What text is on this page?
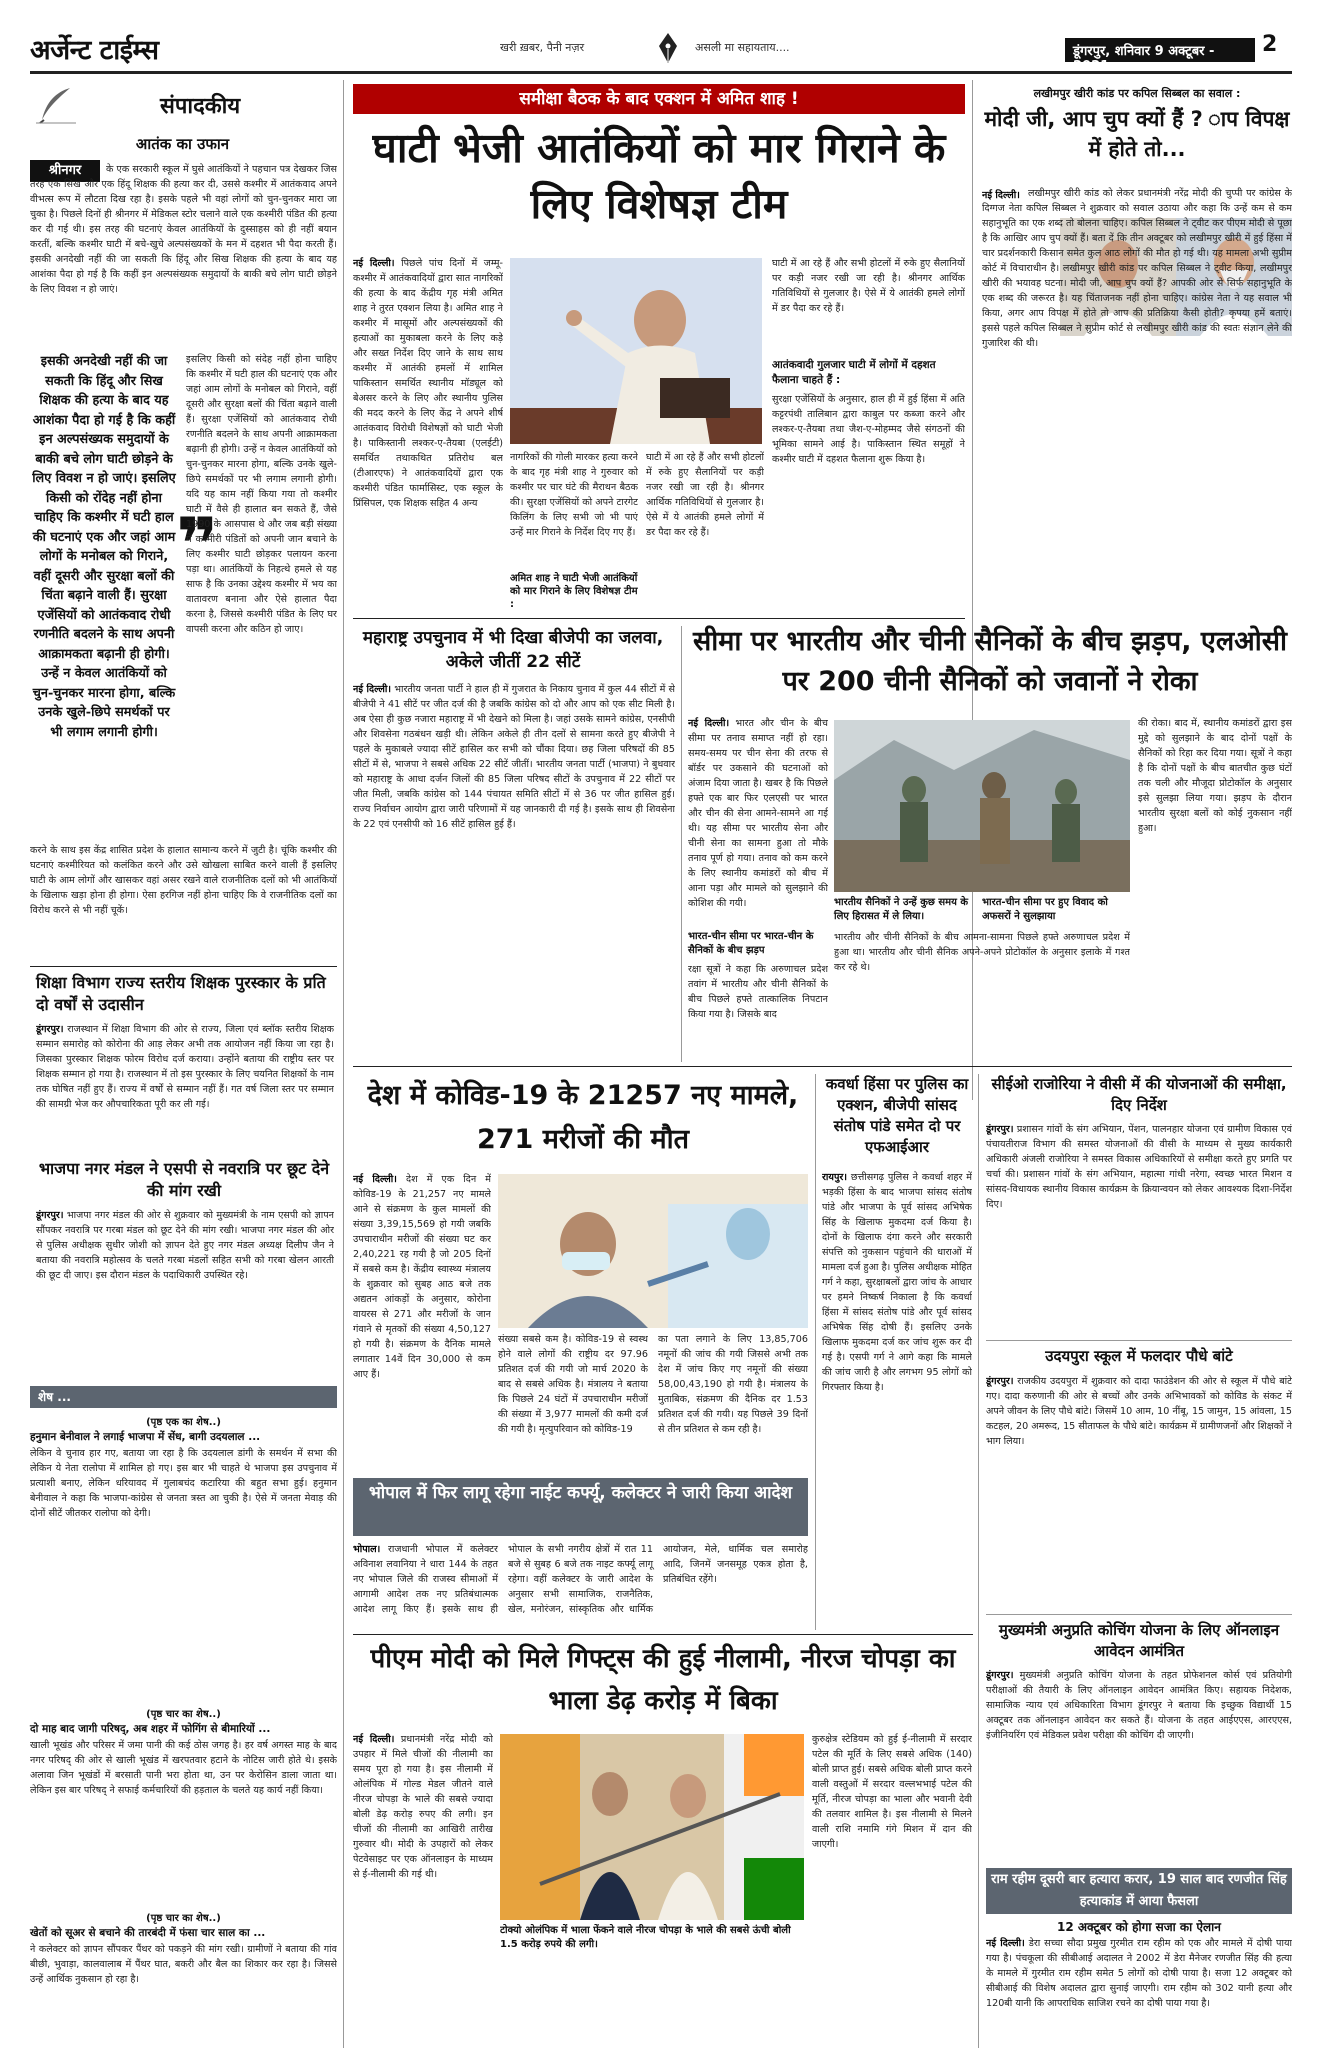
अर्जेन्ट टाईम्स	खरी ख़बर, पैनी नज़र	असली मा सहायताय....	डूंगरपुर, शनिवार 9 अक्टूबर - 2021
2
संपादकीय
आतंक का उफान
श्रीनगर	के एक सरकारी स्कूल में घुसे आतंकियों ने पहचान पत्र देखकर जिस तरह एक सिख और एक हिंदू शिक्षक की हत्या कर दी, उससे कश्मीर में आतंकवाद अपने वीभत्स रूप में लौटता दिख रहा है। इसके पहले भी वहां लोगों को चुन-चुनकर मारा जा चुका है। पिछले दिनों ही श्रीनगर में मेडिकल स्टोर चलाने वाले एक कश्मीरी पंडित की हत्या कर दी गई थी। इस तरह की घटनाएं केवल आतंकियों के दुस्साहस को ही नहीं बयान करतीं, बल्कि कश्मीर घाटी में बचे-खुचे अल्पसंख्यकों के मन में दहशत भी पैदा करती हैं। इसकी अनदेखी नहीं की जा सकती कि हिंदू और सिख शिक्षक की हत्या के बाद यह आशंका पैदा हो गई है कि कहीं इन अल्पसंख्यक समुदायों के बाकी बचे लोग घाटी छोड़ने के लिए विवश न हो जाएं।
इसकी अनदेखी नहीं की जा सकती कि हिंदू और सिख शिक्षक की हत्या के बाद यह आशंका पैदा हो गई है कि कहीं इन अल्पसंख्यक समुदायों के बाकी बचे लोग घाटी छोड़ने के लिए विवश न हो जाएं। इसलिए किसी को रोंदेह नहीं होना चाहिए कि कश्मीर में घटी हाल की घटनाएं एक और जहां आम लोगों के मनोबल को गिराने, वहीं दूसरी और सुरक्षा बलों की चिंता बढ़ाने वाली हैं। सुरक्षा एजेंसियों को आतंकवाद रोधी रणनीति बदलने के साथ अपनी आक्रामकता बढ़ानी ही होगी। उन्हें न केवल आतंकियों को चुन-चुनकर मारना होगा, बल्कि उनके खुले-छिपे समर्थकों पर भी लगाम लगानी होगी।
❞
इसलिए किसी को संदेह नहीं होना चाहिए कि कश्मीर में घटी हाल की घटनाएं एक और जहां आम लोगों के मनोबल को गिराने, वहीं दूसरी और सुरक्षा बलों की चिंता बढ़ाने वाली हैं। सुरक्षा एजेंसियों को आतंकवाद रोधी रणनीति बदलने के साथ अपनी आक्रामकता बढ़ानी ही होगी। उन्हें न केवल आतंकियों को चुन-चुनकर मारना होगा, बल्कि उनके खुले-छिपे समर्थकों पर भी लगाम लगानी होगी। यदि यह काम नहीं किया गया तो कश्मीर घाटी में वैसे ही हालात बन सकते हैं, जैसे 1990 के आसपास थे और जब बड़ी संख्या में कश्मीरी पंडितों को अपनी जान बचाने के लिए कश्मीर घाटी छोड़कर पलायन करना पड़ा था। आतंकियों के निहत्थे हमले से यह साफ है कि उनका उद्देश्य कश्मीर में भय का वातावरण बनाना और ऐसे हालात पैदा करना है, जिससे कश्मीरी पंडित के लिए घर वापसी करना और कठिन हो जाए।
करने के साथ इस केंद्र शासित प्रदेश के हालात सामान्य करने में जुटी है। चूंकि कश्मीर की घटनाएं कश्मीरियत को कलंकित करने और उसे खोखला साबित करने वाली हैं इसलिए घाटी के आम लोगों और खासकर वहां असर रखने वाले राजनीतिक दलों को भी आतंकियों के खिलाफ खड़ा होना ही होगा। ऐसा हरगिज नहीं होना चाहिए कि वे राजनीतिक दलों का विरोध करने से भी नहीं चूकें।
शिक्षा विभाग राज्य स्तरीय शिक्षक पुरस्कार के प्रति दो वर्षों से उदासीन
डूंगरपुर। राजस्थान में शिक्षा विभाग की ओर से राज्य, जिला एवं ब्लॉक स्तरीय शिक्षक सम्मान समारोह को कोरोना की आड़ लेकर अभी तक आयोजन नहीं किया जा रहा है। जिसका पुरस्कार शिक्षक फोरम विरोध दर्ज कराया। उन्होंने बताया की राष्ट्रीय स्तर पर शिक्षक सम्मान हो गया है। राजस्थान में तो इस पुरस्कार के लिए चयनित शिक्षकों के नाम तक घोषित नहीं हुए हैं। राज्य में वर्षों से सम्मान नहीं हैं। गत वर्ष जिला स्तर पर सम्मान की सामग्री भेज कर औपचारिकता पूरी कर ली गई।
भाजपा नगर मंडल ने एसपी से नवरात्रि पर छूट देने की मांग रखी
डूंगरपुर। भाजपा नगर मंडल की ओर से शुक्रवार को मुख्यमंत्री के नाम एसपी को ज्ञापन सौंपकर नवरात्रि पर गरबा मंडल को छूट देने की मांग रखी। भाजपा नगर मंडल की ओर से पुलिस अधीक्षक सुधीर जोशी को ज्ञापन देते हुए नगर मंडल अध्यक्ष दिलीप जैन ने बताया की नवरात्रि महोत्सव के चलते गरबा मंडलों सहित सभी को गरबा खेलन आरती की छूट दी जाए। इस दौरान मंडल के पदाधिकारी उपस्थित रहे।
शेष ...
(पृष्ठ एक का शेष..)
हनुमान बेनीवाल ने लगाई भाजपा में सेंध, बागी उदयलाल ...
लेकिन वे चुनाव हार गए, बताया जा रहा है कि उदयलाल डांगी के समर्थन में सभा की लेकिन ये नेता रालोपा में शामिल हो गए। इस बार भी चाहते थे भाजपा इस उपचुनाव में प्रत्याशी बनाए, लेकिन धरियावद में गुलाबचंद कटारिया की बहुत सभा हुई। हनुमान बेनीवाल ने कहा कि भाजपा-कांग्रेस से जनता त्रस्त आ चुकी है। ऐसे में जनता मेवाड़ की दोनों सीटें जीतकर रालोपा को देगी।
(पृष्ठ चार का शेष..)
दो माह बाद जागी परिषद्, अब शहर में फोगिंग से बीमारियों ...
खाली भूखंड और परिसर में जमा पानी की कई ठोस जगह है। हर वर्ष अगस्त माह के बाद नगर परिषद् की ओर से खाली भूखंड में खरपतवार हटाने के नोटिस जारी होते थे। इसके अलावा जिन भूखंडों में बरसाती पानी भरा होता था, उन पर केरोसिन डाला जाता था। लेकिन इस बार परिषद् ने सफाई कर्मचारियों की हड़ताल के चलते यह कार्य नहीं किया।
(पृष्ठ चार का शेष..)
खेतों को सूअर से बचाने की तारबंदी में फंसा चार साल का ...
ने कलेक्टर को ज्ञापन सौंपकर पैंथर को पकड़ने की मांग रखी। ग्रामीणों ने बताया की गांव बीछी, भुवाड़ा, कालवालाब में पैंथर घात, बकरी और बैल का शिकार कर रहा है। जिससे उन्हें आर्थिक नुकसान हो रहा है।
समीक्षा बैठक के बाद एक्शन में अमित शाह !
घाटी भेजी आतंकियों को मार गिराने के लिए विशेषज्ञ टीम
नई दिल्ली। पिछले पांच दिनों में जम्मू-कश्मीर में आतंकवादियों द्वारा सात नागरिकों की हत्या के बाद केंद्रीय गृह मंत्री अमित शाह ने तुरत एक्शन लिया है। अमित शाह ने कश्मीर में मासूमों और अल्पसंख्यकों की हत्याओं का मुकाबला करने के लिए कड़े और सख्त निर्देश दिए जाने के साथ साथ कश्मीर में आतंकी हमलों में शामिल पाकिस्तान समर्थित स्थानीय मॉड्यूल को बेअसर करने के लिए और स्थानीय पुलिस की मदद करने के लिए केंद्र ने अपने शीर्ष आतंकवाद विरोधी विशेषज्ञों को घाटी भेजी है। पाकिस्तानी लश्कर-ए-तैयबा (एलईटी) समर्थित तथाकथित प्रतिरोध बल (टीआरएफ) ने आतंकवादियों द्वारा एक कश्मीरी पंडित फार्मासिस्ट, एक स्कूल के प्रिंसिपल, एक शिक्षक सहित 4 अन्य
नागरिकों की गोली मारकर हत्या करने के बाद गृह मंत्री शाह ने गुरुवार को कश्मीर पर चार घंटे की मैराथन बैठक की। सुरक्षा एजेंसियों को अपने टारगेट किलिंग के लिए सभी जो भी पाएं उन्हें मार गिराने के निर्देश दिए गए हैं।
अमित शाह ने घाटी भेजी आतंकियों को मार गिराने के लिए विशेषज्ञ टीम :
घाटी में आ रहे हैं और सभी होटलों में रुके हुए सैलानियों पर कड़ी नजर रखी जा रही है। श्रीनगर आर्थिक गतिविधियों से गुलजार है। ऐसे में ये आतंकी हमले लोगों में डर पैदा कर रहे हैं।
घाटी में आ रहे हैं और सभी होटलों में रुके हुए सैलानियों पर कड़ी नजर रखी जा रही है। श्रीनगर आर्थिक गतिविधियों से गुलजार है। ऐसे में ये आतंकी हमले लोगों में डर पैदा कर रहे हैं।
आतंकवादी गुलजार घाटी में लोगों में दहशत फैलाना चाहते हैं :
सुरक्षा एजेंसियों के अनुसार, हाल ही में हुई हिंसा में अति कट्टरपंथी तालिबान द्वारा काबुल पर कब्जा करने और लश्कर-ए-तैयबा तथा जैश-ए-मोहम्मद जैसे संगठनों की भूमिका सामने आई है। पाकिस्तान स्थित समूहों ने कश्मीर घाटी में दहशत फैलाना शुरू किया है।
लखीमपुर खीरी कांड पर कपिल सिब्बल का सवाल :
मोदी जी, आप चुप क्यों हैं ? ाप विपक्ष में होते तो...
नई दिल्ली। लखीमपुर खीरी कांड को लेकर प्रधानमंत्री नरेंद्र मोदी की चुप्पी पर कांग्रेस के दिग्गज नेता कपिल सिब्बल ने शुक्रवार को सवाल उठाया और कहा कि उन्हें कम से कम सहानुभूति का एक शब्द तो बोलना चाहिए। कपिल सिब्बल ने ट्वीट कर पीएम मोदी से पूछा है कि आखिर आप चुप क्यों हैं। बता दें कि तीन अक्टूबर को लखीमपुर खीरी में हुई हिंसा में चार प्रदर्शनकारी किसान समेत कुल आठ लोगों की मौत हो गई थी। यह मामला अभी सुप्रीम कोर्ट में विचाराधीन है। लखीमपुर खीरी कांड पर कपिल सिब्बल ने ट्वीट किया, लखीमपुर खीरी की भयावह घटना। मोदी जी, आप चुप क्यों हैं? आपकी ओर से सिर्फ सहानुभूति के एक शब्द की जरूरत है। यह चिंताजनक नहीं होना चाहिए। कांग्रेस नेता ने यह सवाल भी किया, अगर आप विपक्ष में होते तो आप की प्रतिक्रिया कैसी होती? कृपया हमें बताएं। इससे पहले कपिल सिब्बल ने सुप्रीम कोर्ट से लखीमपुर खीरी कांड की स्वतः संज्ञान लेने की गुजारिश की थी।
महाराष्ट्र उपचुनाव में भी दिखा बीजेपी का जलवा, अकेले जीतीं 22 सीटें
नई दिल्ली। भारतीय जनता पार्टी ने हाल ही में गुजरात के निकाय चुनाव में कुल 44 सीटों में से बीजेपी ने 41 सीटें पर जीत दर्ज की है जबकि कांग्रेस को दो और आप को एक सीट मिली है। अब ऐसा ही कुछ नजारा महाराष्ट्र में भी देखने को मिला है। जहां उसके सामने कांग्रेस, एनसीपी और शिवसेना गठबंधन खड़ी थी। लेकिन अकेले ही तीन दलों से सामना करते हुए बीजेपी ने पहले के मुकाबले ज्यादा सीटें हासिल कर सभी को चौंका दिया। छह जिला परिषदों की 85 सीटों में से, भाजपा ने सबसे अधिक 22 सीटें जीतीं। भारतीय जनता पार्टी (भाजपा) ने बुधवार को महाराष्ट्र के आधा दर्जन जिलों की 85 जिला परिषद सीटों के उपचुनाव में 22 सीटों पर जीत मिली, जबकि कांग्रेस को 144 पंचायत समिति सीटों में से 36 पर जीत हासिल हुई। राज्य निर्वाचन आयोग द्वारा जारी परिणामों में यह जानकारी दी गई है। इसके साथ ही शिवसेना के 22 एवं एनसीपी को 16 सीटें हासिल हुई हैं।
सीमा पर भारतीय और चीनी सैनिकों के बीच झड़प, एलओसी पर 200 चीनी सैनिकों को जवानों ने रोका
नई दिल्ली। भारत और चीन के बीच सीमा पर तनाव समाप्त नहीं हो रहा। समय-समय पर चीन सेना की तरफ से बॉर्डर पर उकसाने की घटनाओं को अंजाम दिया जाता है। खबर है कि पिछले हफ्ते एक बार फिर एलएसी पर भारत और चीन की सेना आमने-सामने आ गई थी। यह सीमा पर भारतीय सेना और चीनी सेना का सामना हुआ तो मौके तनाव पूर्ण हो गया। तनाव को कम करने के लिए स्थानीय कमांडरों को बीच में आना पड़ा और मामले को सुलझाने की कोशिश की गयी।
भारत-चीन सीमा पर भारत-चीन के सैनिकों के बीच झड़प
रक्षा सूत्रों ने कहा कि अरुणाचल प्रदेश तवांग में भारतीय और चीनी सैनिकों के बीच पिछले हफ्ते तात्कालिक निपटान किया गया है। जिसके बाद
भारतीय सैनिकों ने उन्हें कुछ समय के लिए हिरासत में ले लिया।
भारत-चीन सीमा पर हुए विवाद को अफसरों ने सुलझाया
भारतीय और चीनी सैनिकों के बीच आमना-सामना पिछले हफ्ते अरुणाचल प्रदेश में हुआ था। भारतीय और चीनी सैनिक अपने-अपने प्रोटोकॉल के अनुसार इलाके में गश्त कर रहे थे।
की रोका। बाद में, स्थानीय कमांडरों द्वारा इस मुद्दे को सुलझाने के बाद दोनों पक्षों के सैनिकों को रिहा कर दिया गया। सूत्रों ने कहा है कि दोनों पक्षों के बीच बातचीत कुछ घंटों तक चली और मौजूदा प्रोटोकॉल के अनुसार इसे सुलझा लिया गया। झड़प के दौरान भारतीय सुरक्षा बलों को कोई नुकसान नहीं हुआ।
देश में कोविड-19 के 21257 नए मामले, 271 मरीजों की मौत
नई दिल्ली। देश में एक दिन में कोविड-19 के 21,257 नए मामले आने से संक्रमण के कुल मामलों की संख्या 3,39,15,569 हो गयी जबकि उपचाराधीन मरीजों की संख्या घट कर 2,40,221 रह गयी है जो 205 दिनों में सबसे कम है। केंद्रीय स्वास्थ्य मंत्रालय के शुक्रवार को सुबह आठ बजे तक अद्यतन आंकड़ों के अनुसार, कोरोना वायरस से 271 और मरीजों के जान गंवाने से मृतकों की संख्या 4,50,127 हो गयी है। संक्रमण के दैनिक मामले लगातार 14वें दिन 30,000 से कम आए हैं।
संख्या सबसे कम है। कोविड-19 से स्वस्थ होने वाले लोगों की राष्ट्रीय दर 97.96 प्रतिशत दर्ज की गयी जो मार्च 2020 के बाद से सबसे अधिक है। मंत्रालय ने बताया कि पिछले 24 घंटों में उपचाराधीन मरीजों की संख्या में 3,977 मामलों की कमी दर्ज की गयी है। मृत्युपरिवान को कोविड-19
का पता लगाने के लिए 13,85,706 नमूनों की जांच की गयी जिससे अभी तक देश में जांच किए गए नमूनों की संख्या 58,00,43,190 हो गयी है। मंत्रालय के मुताबिक, संक्रमण की दैनिक दर 1.53 प्रतिशत दर्ज की गयी। यह पिछले 39 दिनों से तीन प्रतिशत से कम रही है।
भोपाल में फिर लागू रहेगा नाईट कर्फ्यू, कलेक्टर ने जारी किया आदेश
भोपाल। राजधानी भोपाल में कलेक्टर अविनाश लवानिया ने धारा 144 के तहत नए भोपाल जिले की राजस्व सीमाओं में आगामी आदेश तक नए प्रतिबंधात्मक आदेश लागू किए हैं। इसके साथ ही भोपाल के सभी नगरीय क्षेत्रों में रात 11 बजे से सुबह 6 बजे तक नाइट कर्फ्यू लागू रहेगा। वहीं कलेक्टर के जारी आदेश के अनुसार सभी सामाजिक, राजनैतिक, खेल, मनोरंजन, सांस्कृतिक और धार्मिक आयोजन, मेले, धार्मिक चल समारोह आदि, जिनमें जनसमूह एकत्र होता है, प्रतिबंधित रहेंगे।
कवर्धा हिंसा पर पुलिस का एक्शन, बीजेपी सांसद संतोष पांडे समेत दो पर एफआईआर
रायपुर। छत्तीसगढ़ पुलिस ने कवर्धा शहर में भड़की हिंसा के बाद भाजपा सांसद संतोष पांडे और भाजपा के पूर्व सांसद अभिषेक सिंह के खिलाफ मुकदमा दर्ज किया है। दोनों के खिलाफ दंगा करने और सरकारी संपत्ति को नुकसान पहुंचाने की धाराओं में मामला दर्ज हुआ है। पुलिस अधीक्षक मोहित गर्ग ने कहा, सुरक्षाबलों द्वारा जांच के आधार पर हमने निष्कर्ष निकाला है कि कवर्धा हिंसा में सांसद संतोष पांडे और पूर्व सांसद अभिषेक सिंह दोषी हैं। इसलिए उनके खिलाफ मुकदमा दर्ज कर जांच शुरू कर दी गई है। एसपी गर्ग ने आगे कहा कि मामले की जांच जारी है और लगभग 95 लोगों को गिरफ्तार किया है।
सीईओ राजोरिया ने वीसी में की योजनाओं की समीक्षा, दिए निर्देश
डूंगरपुर। प्रशासन गांवों के संग अभियान, पेंशन, पालनहार योजना एवं ग्रामीण विकास एवं पंचायतीराज विभाग की समस्त योजनाओं की वीसी के माध्यम से मुख्य कार्यकारी अधिकारी अंजली राजोरिया ने समस्त विकास अधिकारियों से समीक्षा करते हुए प्रगति पर चर्चा की। प्रशासन गांवों के संग अभियान, महात्मा गांधी नरेगा, स्वच्छ भारत मिशन व सांसद-विधायक स्थानीय विकास कार्यक्रम के क्रियान्वयन को लेकर आवश्यक दिशा-निर्देश दिए।
उदयपुरा स्कूल में फलदार पौधे बांटे
डूंगरपुर। राजकीय उदयपुरा में शुक्रवार को दादा फाउंडेशन की ओर से स्कूल में पौधे बांटे गए। दादा करुणानी की ओर से बच्चों और उनके अभिभावकों को कोविड के संकट में अपने जीवन के लिए पौधे बांटे। जिसमें 10 आम, 10 नींबू, 15 जामुन, 15 आंवला, 15 कटहल, 20 अमरूद, 15 सीताफल के पौधे बांटे। कार्यक्रम में ग्रामीणजनों और शिक्षकों ने भाग लिया।
मुख्यमंत्री अनुप्रति कोचिंग योजना के लिए ऑनलाइन आवेदन आमंत्रित
डूंगरपुर। मुख्यमंत्री अनुप्रति कोचिंग योजना के तहत प्रोफेशनल कोर्स एवं प्रतियोगी परीक्षाओं की तैयारी के लिए ऑनलाइन आवेदन आमंत्रित किए। सहायक निदेशक, सामाजिक न्याय एवं अधिकारिता विभाग डूंगरपुर ने बताया कि इच्छुक विद्यार्थी 15 अक्टूबर तक ऑनलाइन आवेदन कर सकते हैं। योजना के तहत आईएएस, आरएएस, इंजीनियरिंग एवं मेडिकल प्रवेश परीक्षा की कोचिंग दी जाएगी।
राम रहीम दूसरी बार हत्यारा करार, 19 साल बाद रणजीत सिंह हत्याकांड में आया फैसला
12 अक्टूबर को होगा सजा का ऐलान
नई दिल्ली। डेरा सच्चा सौदा प्रमुख गुरमीत राम रहीम को एक और मामले में दोषी पाया गया है। पंचकूला की सीबीआई अदालत ने 2002 में डेरा मैनेजर रणजीत सिंह की हत्या के मामले में गुरमीत राम रहीम समेत 5 लोगों को दोषी पाया है। सजा 12 अक्टूबर को सीबीआई की विशेष अदालत द्वारा सुनाई जाएगी। राम रहीम को 302 यानी हत्या और 120बी यानी कि आपराधिक साजिश रचने का दोषी पाया गया है।
पीएम मोदी को मिले गिफ्ट्स की हुई नीलामी, नीरज चोपड़ा का भाला डेढ़ करोड़ में बिका
नई दिल्ली। प्रधानमंत्री नरेंद्र मोदी को उपहार में मिले चीजों की नीलामी का समय पूरा हो गया है। इस नीलामी में ओलंपिक में गोल्ड मेडल जीतने वाले नीरज चोपड़ा के भाले की सबसे ज्यादा बोली डेढ़ करोड़ रुपए की लगी। इन चीजों की नीलामी का आखिरी तारीख गुरुवार थी। मोदी के उपहारों को लेकर पेटवेसाइट पर एक ऑनलाइन के माध्यम से ई-नीलामी की गई थी।
टोक्यो ओलंपिक में भाला फेंकने वाले नीरज चोपड़ा के भाले की सबसे ऊंची बोली 1.5 करोड़ रुपये की लगी।
कुरुक्षेत्र स्टेडियम को हुई ई-नीलामी में सरदार पटेल की मूर्ति के लिए सबसे अधिक (140) बोली प्राप्त हुई। सबसे अधिक बोली प्राप्त करने वाली वस्तुओं में सरदार वल्लभभाई पटेल की मूर्ति, नीरज चोपड़ा का भाला और भवानी देवी की तलवार शामिल है। इस नीलामी से मिलने वाली राशि नमामि गंगे मिशन में दान की जाएगी।
